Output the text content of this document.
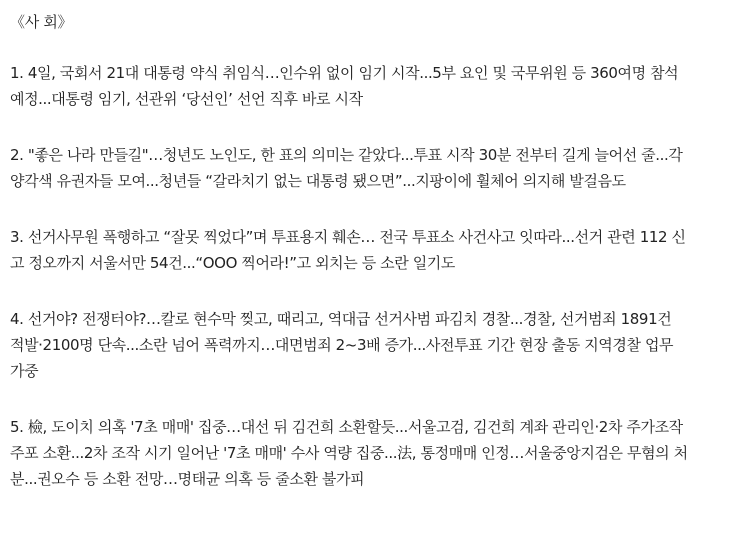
《사 회》

1. 4일, 국회서 21대 대통령 약식 취임식…인수위 없이 임기 시작...5부 요인 및 국무위원 등 360여명 참석

예정...대통령 임기, 선관위 ‘당선인’ 선언 직후 바로 시작

2. "좋은 나라 만들길"…청년도 노인도, 한 표의 의미는 같았다...투표 시작 30분 전부터 길게 늘어선 줄...각

양각색 유권자들 모여...청년들 “갈라치기 없는 대통령 됐으면”...지팡이에 휠체어 의지해 발걸음도

3. 선거사무원 폭행하고 “잘못 찍었다”며 투표용지 훼손… 전국 투표소 사건사고 잇따라...선거 관련 112 신

고 정오까지 서울서만 54건...“OOO 찍어라!”고 외치는 등 소란 일기도

4. 선거야? 전쟁터야?…칼로 현수막 찢고, 때리고, 역대급 선거사범 파김치 경찰...경찰, 선거범죄 1891건

적발·2100명 단속...소란 넘어 폭력까지…대면범죄 2~3배 증가...사전투표 기간 현장 출동 지역경찰 업무

가중

5. 檢, 도이치 의혹 '7초 매매' 집중…대선 뒤 김건희 소환할듯...서울고검, 김건희 계좌 관리인·2차 주가조작

주포 소환...2차 조작 시기 일어난 '7초 매매' 수사 역량 집중...法, 통정매매 인정…서울중앙지검은 무혐의 처

분...권오수 등 소환 전망…명태균 의혹 등 줄소환 불가피
